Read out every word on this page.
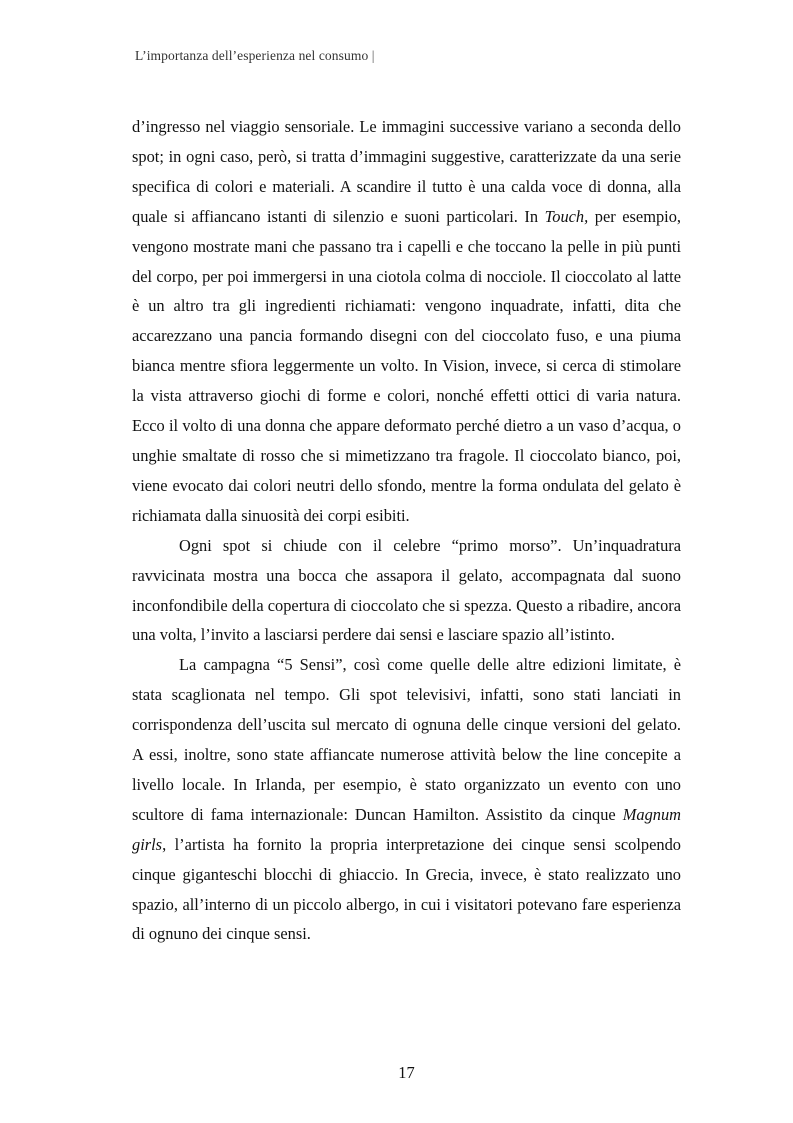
L’importanza dell’esperienza nel consumo |

d’ingresso nel viaggio sensoriale. Le immagini successive variano a seconda dello spot; in ogni caso, però, si tratta d’immagini suggestive, caratterizzate da una serie specifica di colori e materiali. A scandire il tutto è una calda voce di donna, alla quale si affiancano istanti di silenzio e suoni particolari. In Touch, per esempio, vengono mostrate mani che passano tra i capelli e che toccano la pelle in più punti del corpo, per poi immergersi in una ciotola colma di nocciole. Il cioccolato al latte è un altro tra gli ingredienti richiamati: vengono inquadrate, infatti, dita che accarezzano una pancia formando disegni con del cioccolato fuso, e una piuma bianca mentre sfiora leggermente un volto. In Vision, invece, si cerca di stimolare la vista attraverso giochi di forme e colori, nonché effetti ottici di varia natura. Ecco il volto di una donna che appare deformato perché dietro a un vaso d’acqua, o unghie smaltate di rosso che si mimetizzano tra fragole. Il cioccolato bianco, poi, viene evocato dai colori neutri dello sfondo, mentre la forma ondulata del gelato è richiamata dalla sinuosità dei corpi esibiti.

Ogni spot si chiude con il celebre “primo morso”. Un’inquadratura ravvicinata mostra una bocca che assapora il gelato, accompagnata dal suono inconfondibile della copertura di cioccolato che si spezza. Questo a ribadire, ancora una volta, l’invito a lasciarsi perdere dai sensi e lasciare spazio all’istinto.

La campagna “5 Sensi”, così come quelle delle altre edizioni limitate, è stata scaglionata nel tempo. Gli spot televisivi, infatti, sono stati lanciati in corrispondenza dell’uscita sul mercato di ognuna delle cinque versioni del gelato. A essi, inoltre, sono state affiancate numerose attività below the line concepite a livello locale. In Irlanda, per esempio, è stato organizzato un evento con uno scultore di fama internazionale: Duncan Hamilton. Assistito da cinque Magnum girls, l’artista ha fornito la propria interpretazione dei cinque sensi scolpendo cinque giganteschi blocchi di ghiaccio. In Grecia, invece, è stato realizzato uno spazio, all’interno di un piccolo albergo, in cui i visitatori potevano fare esperienza di ognuno dei cinque sensi.

17
